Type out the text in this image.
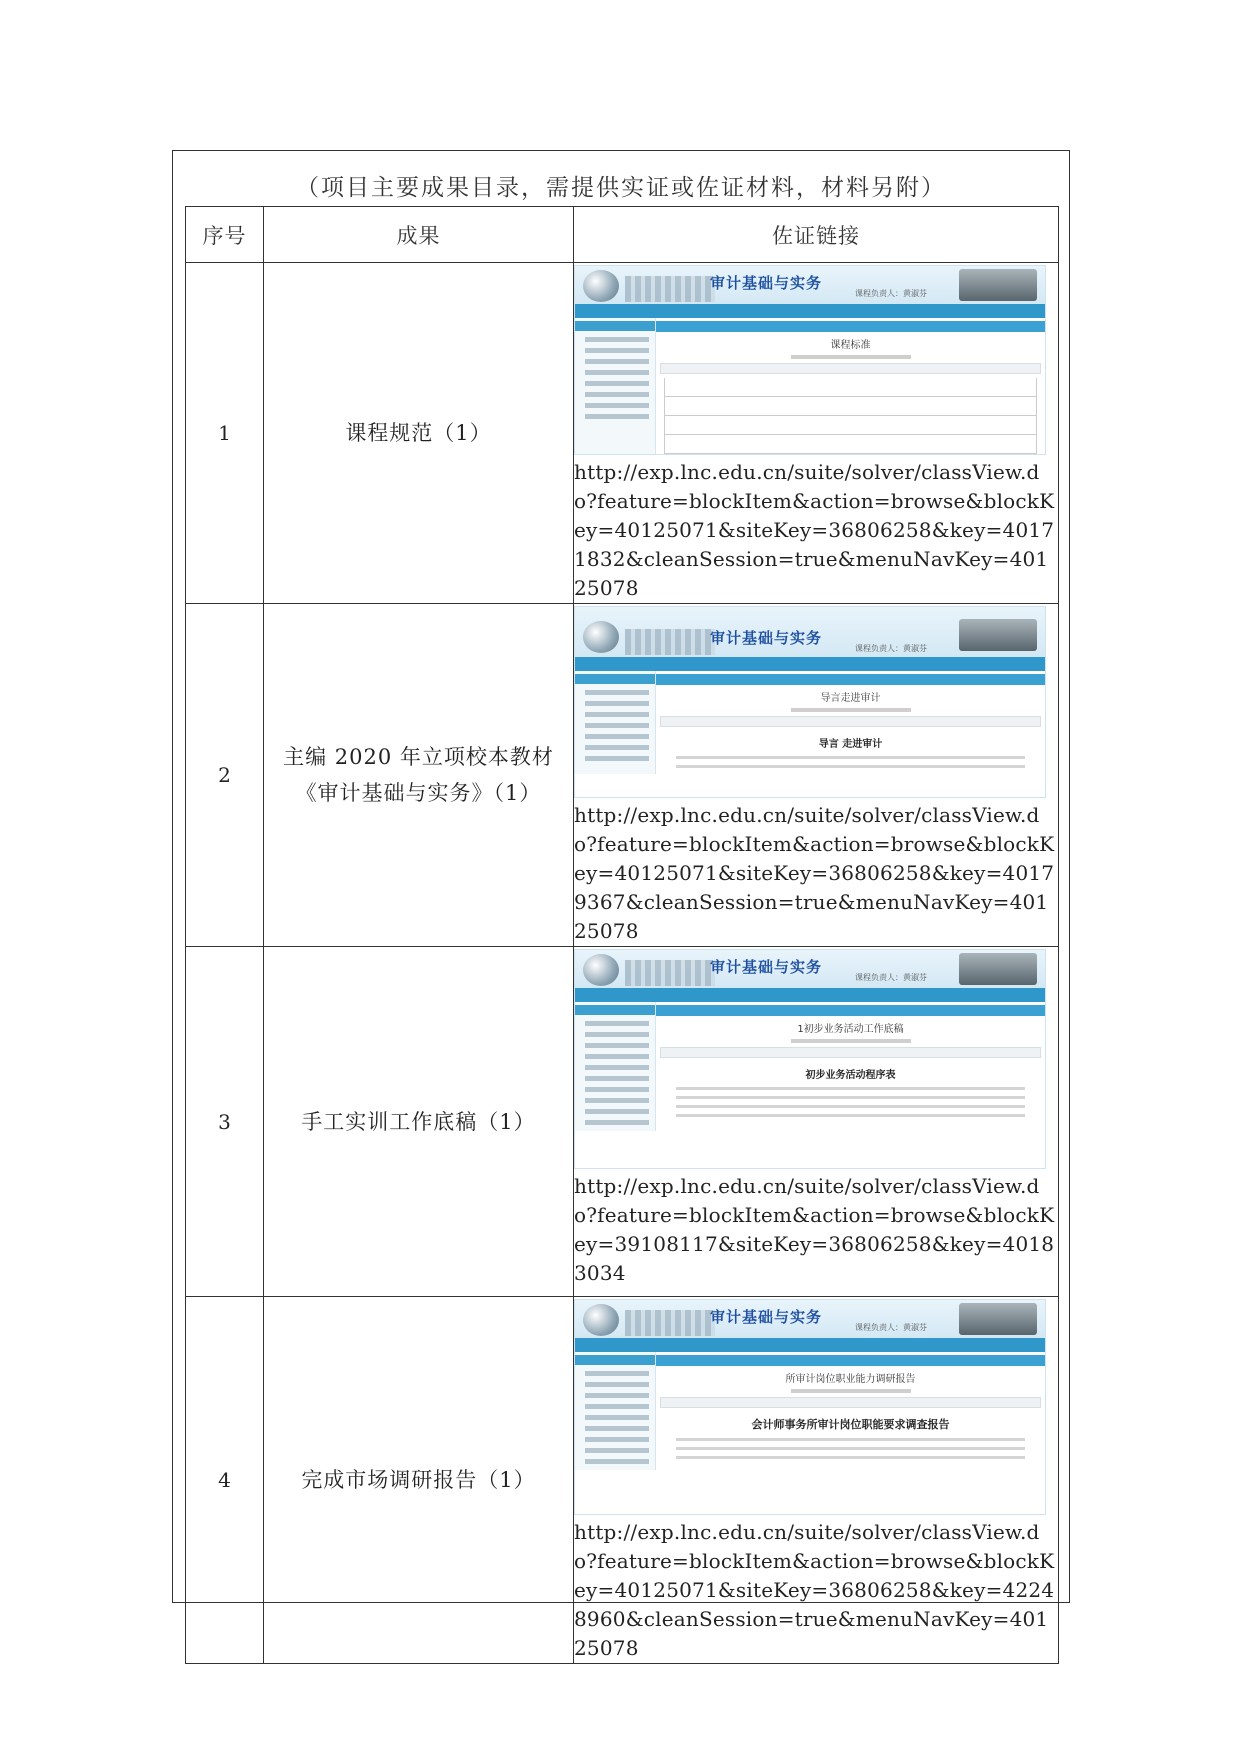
（项目主要成果目录，需提供实证或佐证材料，材料另附）
序号	成果	佐证链接
1	课程规范（1）	审计基础与实务
课程负责人：黄淑芬
课程标准
http://exp.lnc.edu.cn/suite/solver/classView.do?feature=blockItem&action=browse&blockKey=40125071&siteKey=36806258&key=40171832&cleanSession=true&menuNavKey=40125078

2	主编 2020 年立项校本教材《审计基础与实务》（1）	审计基础与实务
课程负责人：黄淑芬
导言走进审计
导言 走进审计
http://exp.lnc.edu.cn/suite/solver/classView.do?feature=blockItem&action=browse&blockKey=40125071&siteKey=36806258&key=40179367&cleanSession=true&menuNavKey=40125078

3	手工实训工作底稿（1）	审计基础与实务
课程负责人：黄淑芬
1初步业务活动工作底稿
初步业务活动程序表
http://exp.lnc.edu.cn/suite/solver/classView.do?feature=blockItem&action=browse&blockKey=39108117&siteKey=36806258&key=40183034

4	完成市场调研报告（1）	审计基础与实务
课程负责人：黄淑芬
所审计岗位职业能力调研报告
会计师事务所审计岗位职能要求调查报告
http://exp.lnc.edu.cn/suite/solver/classView.do?feature=blockItem&action=browse&blockKey=40125071&siteKey=36806258&key=42248960&cleanSession=true&menuNavKey=40125078
